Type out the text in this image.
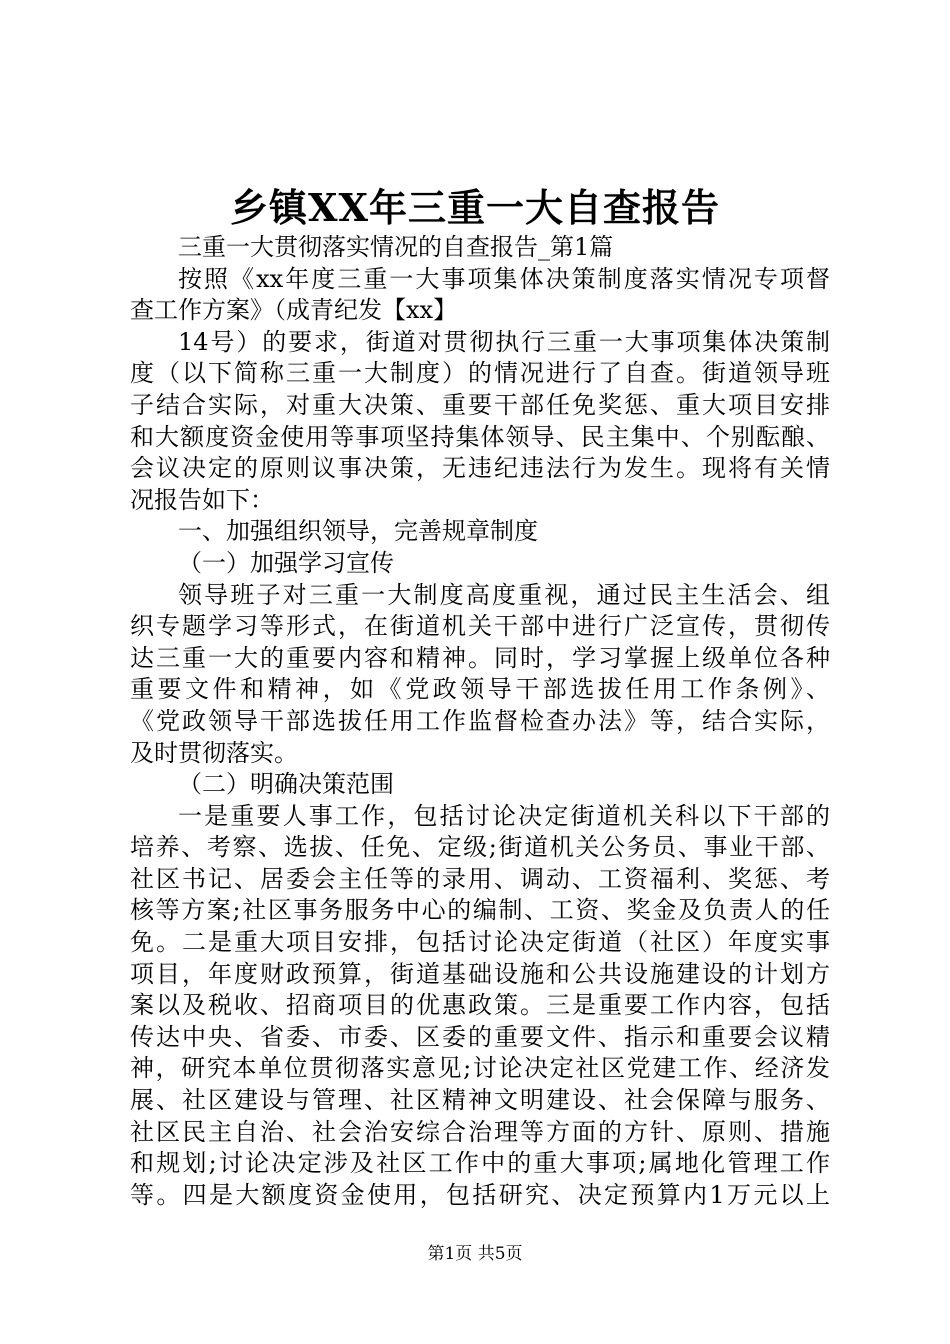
乡镇XX年三重一大自查报告
三重一大贯彻落实情况的自查报告_第1篇
按照《xx年度三重一大事项集体决策制度落实情况专项督
查工作方案》（成青纪发【xx】
14号）的要求，街道对贯彻执行三重一大事项集体决策制
度（以下简称三重一大制度）的情况进行了自查。街道领导班
子结合实际，对重大决策、重要干部任免奖惩、重大项目安排
和大额度资金使用等事项坚持集体领导、民主集中、个别酝酿、
会议决定的原则议事决策，无违纪违法行为发生。现将有关情
况报告如下：
一、加强组织领导，完善规章制度
（一）加强学习宣传
领导班子对三重一大制度高度重视，通过民主生活会、组
织专题学习等形式，在街道机关干部中进行广泛宣传，贯彻传
达三重一大的重要内容和精神。同时，学习掌握上级单位各种
重要文件和精神，如《党政领导干部选拔任用工作条例》、
《党政领导干部选拔任用工作监督检查办法》等，结合实际，
及时贯彻落实。
（二）明确决策范围
一是重要人事工作，包括讨论决定街道机关科以下干部的
培养、考察、选拔、任免、定级;街道机关公务员、事业干部、
社区书记、居委会主任等的录用、调动、工资福利、奖惩、考
核等方案;社区事务服务中心的编制、工资、奖金及负责人的任
免。二是重大项目安排，包括讨论决定街道（社区）年度实事
项目，年度财政预算，街道基础设施和公共设施建设的计划方
案以及税收、招商项目的优惠政策。三是重要工作内容，包括
传达中央、省委、市委、区委的重要文件、指示和重要会议精
神，研究本单位贯彻落实意见;讨论决定社区党建工作、经济发
展、社区建设与管理、社区精神文明建设、社会保障与服务、
社区民主自治、社会治安综合治理等方面的方针、原则、措施
和规划;讨论决定涉及社区工作中的重大事项;属地化管理工作
等。四是大额度资金使用，包括研究、决定预算内1万元以上
第1页 共5页
